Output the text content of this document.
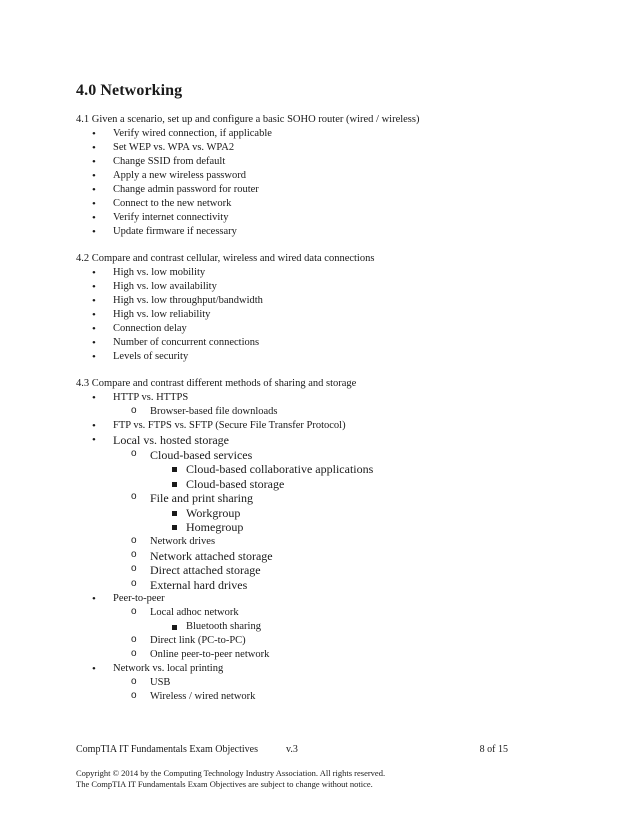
4.0 Networking

4.1 Given a scenario, set up and configure a basic SOHO router (wired / wireless)

• Verify wired connection, if applicable
• Set WEP vs. WPA vs. WPA2
• Change SSID from default
• Apply a new wireless password
• Change admin password for router
• Connect to the new network
• Verify internet connectivity
• Update firmware if necessary

4.2 Compare and contrast cellular, wireless and wired data connections

• High vs. low mobility
• High vs. low availability
• High vs. low throughput/bandwidth
• High vs. low reliability
• Connection delay
• Number of concurrent connections
• Levels of security

4.3 Compare and contrast different methods of sharing and storage

• HTTP vs. HTTPS
o Browser-based file downloads
• FTP vs. FTPS vs. SFTP (Secure File Transfer Protocol)
• Local vs. hosted storage
o Cloud-based services
Cloud-based collaborative applications
Cloud-based storage
o File and print sharing
Workgroup
Homegroup
o Network drives
o Network attached storage
o Direct attached storage
o External hard drives
• Peer-to-peer
o Local adhoc network
Bluetooth sharing
o Direct link (PC-to-PC)
o Online peer-to-peer network
• Network vs. local printing
o USB
o Wireless / wired network
CompTIA IT Fundamentals Exam Objectives	v.3	8 of 15
Copyright © 2014 by the Computing Technology Industry Association. All rights reserved.
The CompTIA IT Fundamentals Exam Objectives are subject to change without notice.
